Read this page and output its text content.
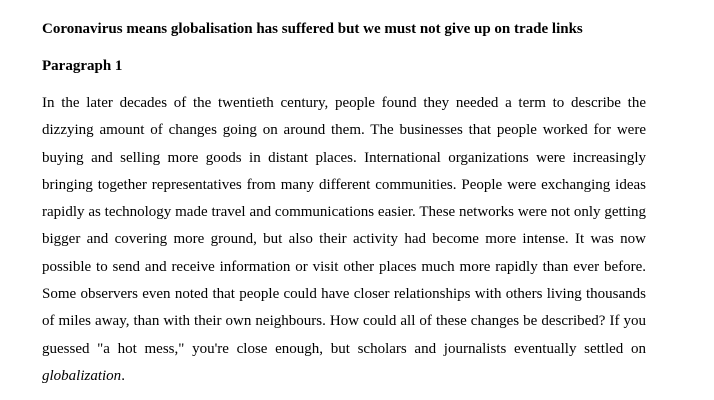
Coronavirus means globalisation has suffered but we must not give up on trade links
Paragraph 1

In the later decades of the twentieth century, people found they needed a term to describe the dizzying amount of changes going on around them. The businesses that people worked for were buying and selling more goods in distant places. International organizations were increasingly bringing together representatives from many different communities. People were exchanging ideas rapidly as technology made travel and communications easier. These networks were not only getting bigger and covering more ground, but also their activity had become more intense. It was now possible to send and receive information or visit other places much more rapidly than ever before. Some observers even noted that people could have closer relationships with others living thousands of miles away, than with their own neighbours. How could all of these changes be described? If you guessed "a hot mess," you're close enough, but scholars and journalists eventually settled on globalization.
